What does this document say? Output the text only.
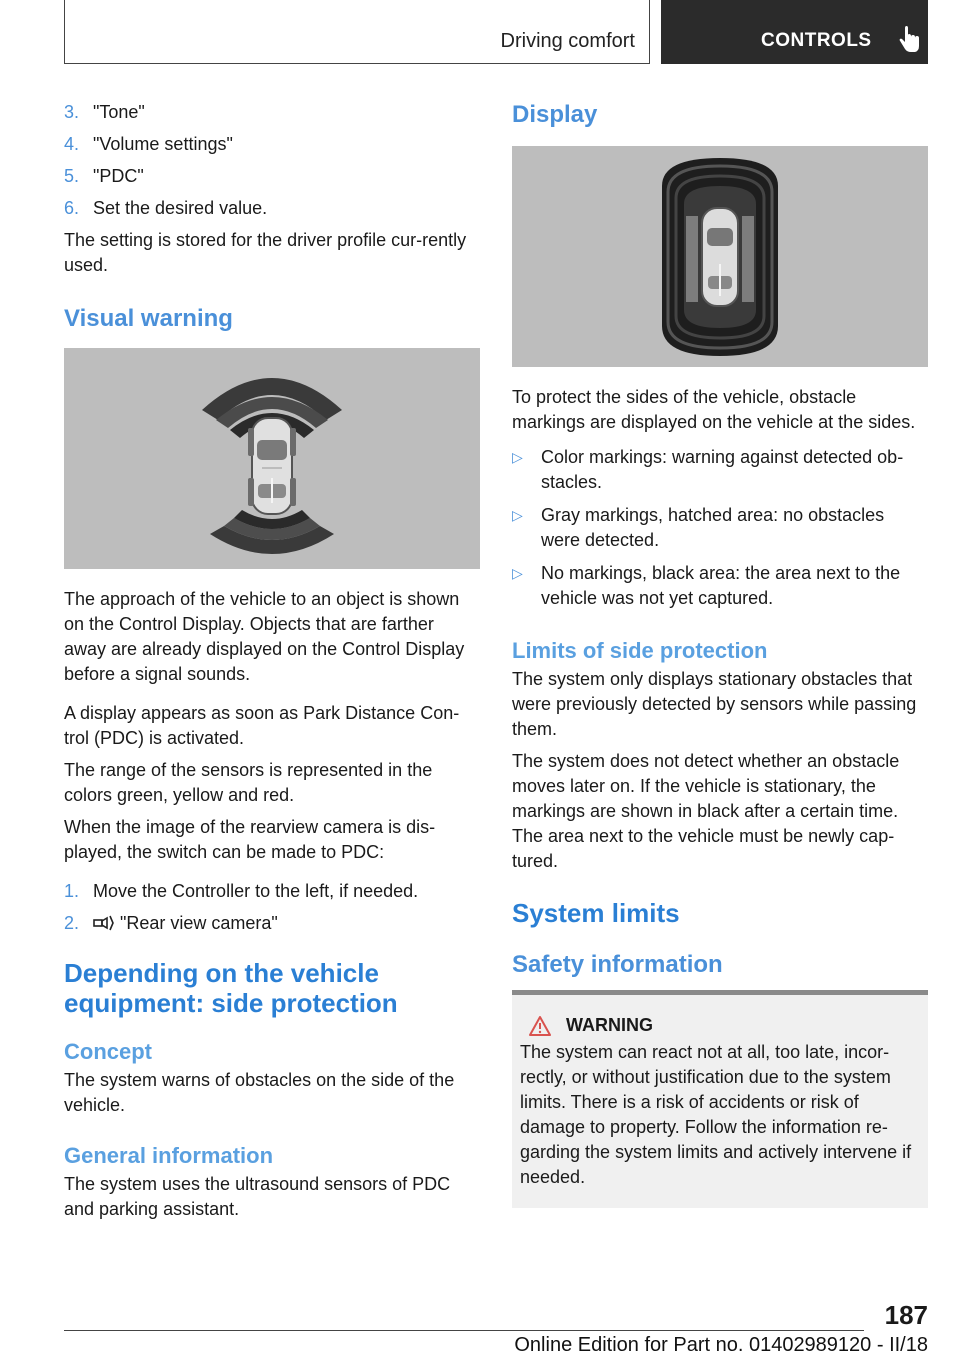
Driving comfort	CONTROLS
3. "Tone"
4. "Volume settings"
5. "PDC"
6. Set the desired value.

The setting is stored for the driver profile cur‐rently used.

Visual warning

The approach of the vehicle to an object is shown on the Control Display. Objects that are farther away are already displayed on the Control Display before a signal sounds.

A display appears as soon as Park Distance Con‐trol (PDC) is activated.

The range of the sensors is represented in the colors green, yellow and red.

When the image of the rearview camera is dis‐played, the switch can be made to PDC:

1. Move the Controller to the left, if needed.
2. "Rear view camera"
Depending on the vehicle equipment: side protection
Concept

The system warns of obstacles on the side of the vehicle.

General information

The system uses the ultrasound sensors of PDC and parking assistant.

Display

To protect the sides of the vehicle, obstacle markings are displayed on the vehicle at the sides.

▷ Color markings: warning against detected ob‐stacles.
▷ Gray markings, hatched area: no obstacles were detected.
▷ No markings, black area: the area next to the vehicle was not yet captured.
Limits of side protection

The system only displays stationary obstacles that were previously detected by sensors while passing them.

The system does not detect whether an obstacle moves later on. If the vehicle is stationary, the markings are shown in black after a certain time. The area next to the vehicle must be newly cap‐tured.

System limits
Safety information
WARNING

The system can react not at all, too late, incor‐rectly, or without justification due to the system limits. There is a risk of accidents or risk of damage to property. Follow the information re‐garding the system limits and actively intervene if needed.

187
Online Edition for Part no. 01402989120 - II/18
